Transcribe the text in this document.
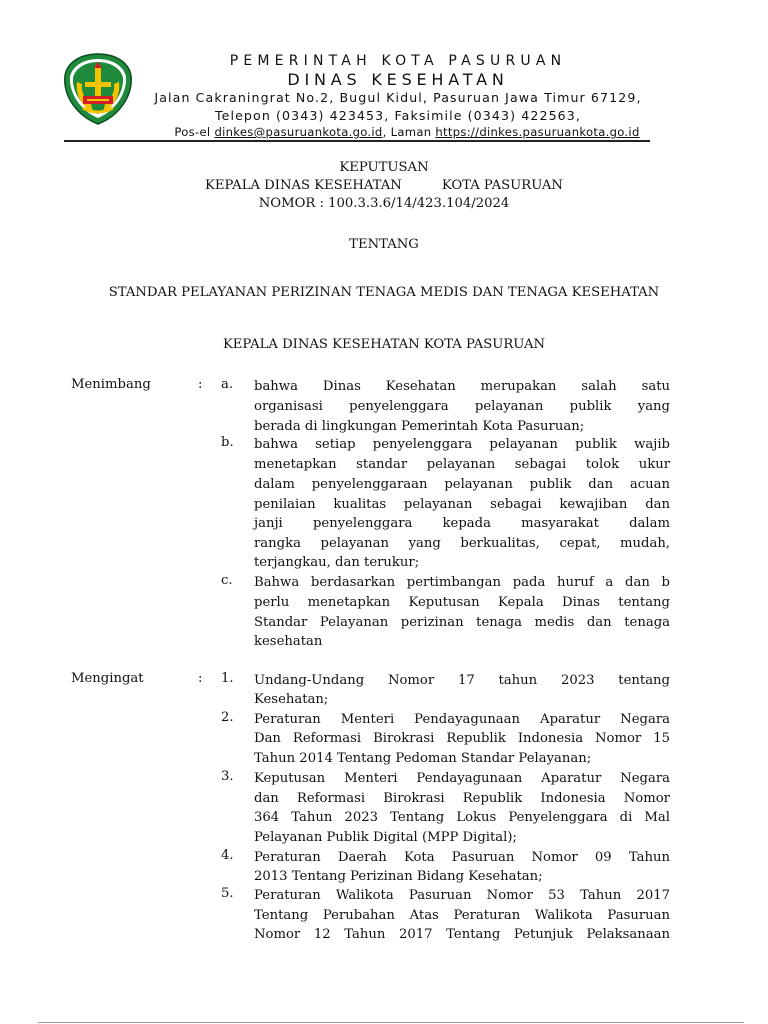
PEMERINTAH KOTA PASURUAN
DINAS KESEHATAN
Jalan Cakraningrat No.2, Bugul Kidul, Pasuruan Jawa Timur 67129,
Telepon (0343) 423453, Faksimile (0343) 422563,
Pos-el dinkes@pasuruankota.go.id, Laman https://dinkes.pasuruankota.go.id
KEPUTUSAN
KEPALA DINAS KESEHATAN	KOTA PASURUAN
NOMOR : 100.3.3.6/14/423.104/2024
TENTANG
STANDAR PELAYANAN PERIZINAN TENAGA MEDIS DAN TENAGA KESEHATAN
KEPALA DINAS KESEHATAN KOTA PASURUAN
Menimbang	: a. bahwa Dinas Kesehatan merupakan salah satu
organisasi penyelenggara pelayanan publik yang
berada di lingkungan Pemerintah Kota Pasuruan;
b. bahwa setiap penyelenggara pelayanan publik wajib
menetapkan standar pelayanan sebagai tolok ukur
dalam penyelenggaraan pelayanan publik dan acuan
penilaian kualitas pelayanan sebagai kewajiban dan
janji penyelenggara kepada masyarakat dalam
rangka pelayanan yang berkualitas, cepat, mudah,
terjangkau, dan terukur;
c. Bahwa berdasarkan pertimbangan pada huruf a dan b
perlu menetapkan Keputusan Kepala Dinas tentang
Standar Pelayanan perizinan tenaga medis dan tenaga
kesehatan
Mengingat	: 1. Undang-Undang Nomor 17 tahun 2023 tentang
Kesehatan;
2. Peraturan Menteri Pendayagunaan Aparatur Negara
Dan Reformasi Birokrasi Republik Indonesia Nomor 15
Tahun 2014 Tentang Pedoman Standar Pelayanan;
3. Keputusan Menteri Pendayagunaan Aparatur Negara
dan Reformasi Birokrasi Republik Indonesia Nomor
364 Tahun 2023 Tentang Lokus Penyelenggara di Mal
Pelayanan Publik Digital (MPP Digital);
4. Peraturan Daerah Kota Pasuruan Nomor 09 Tahun
2013 Tentang Perizinan Bidang Kesehatan;
5. Peraturan Walikota Pasuruan Nomor 53 Tahun 2017
Tentang Perubahan Atas Peraturan Walikota Pasuruan
Nomor 12 Tahun 2017 Tentang Petunjuk Pelaksanaan
